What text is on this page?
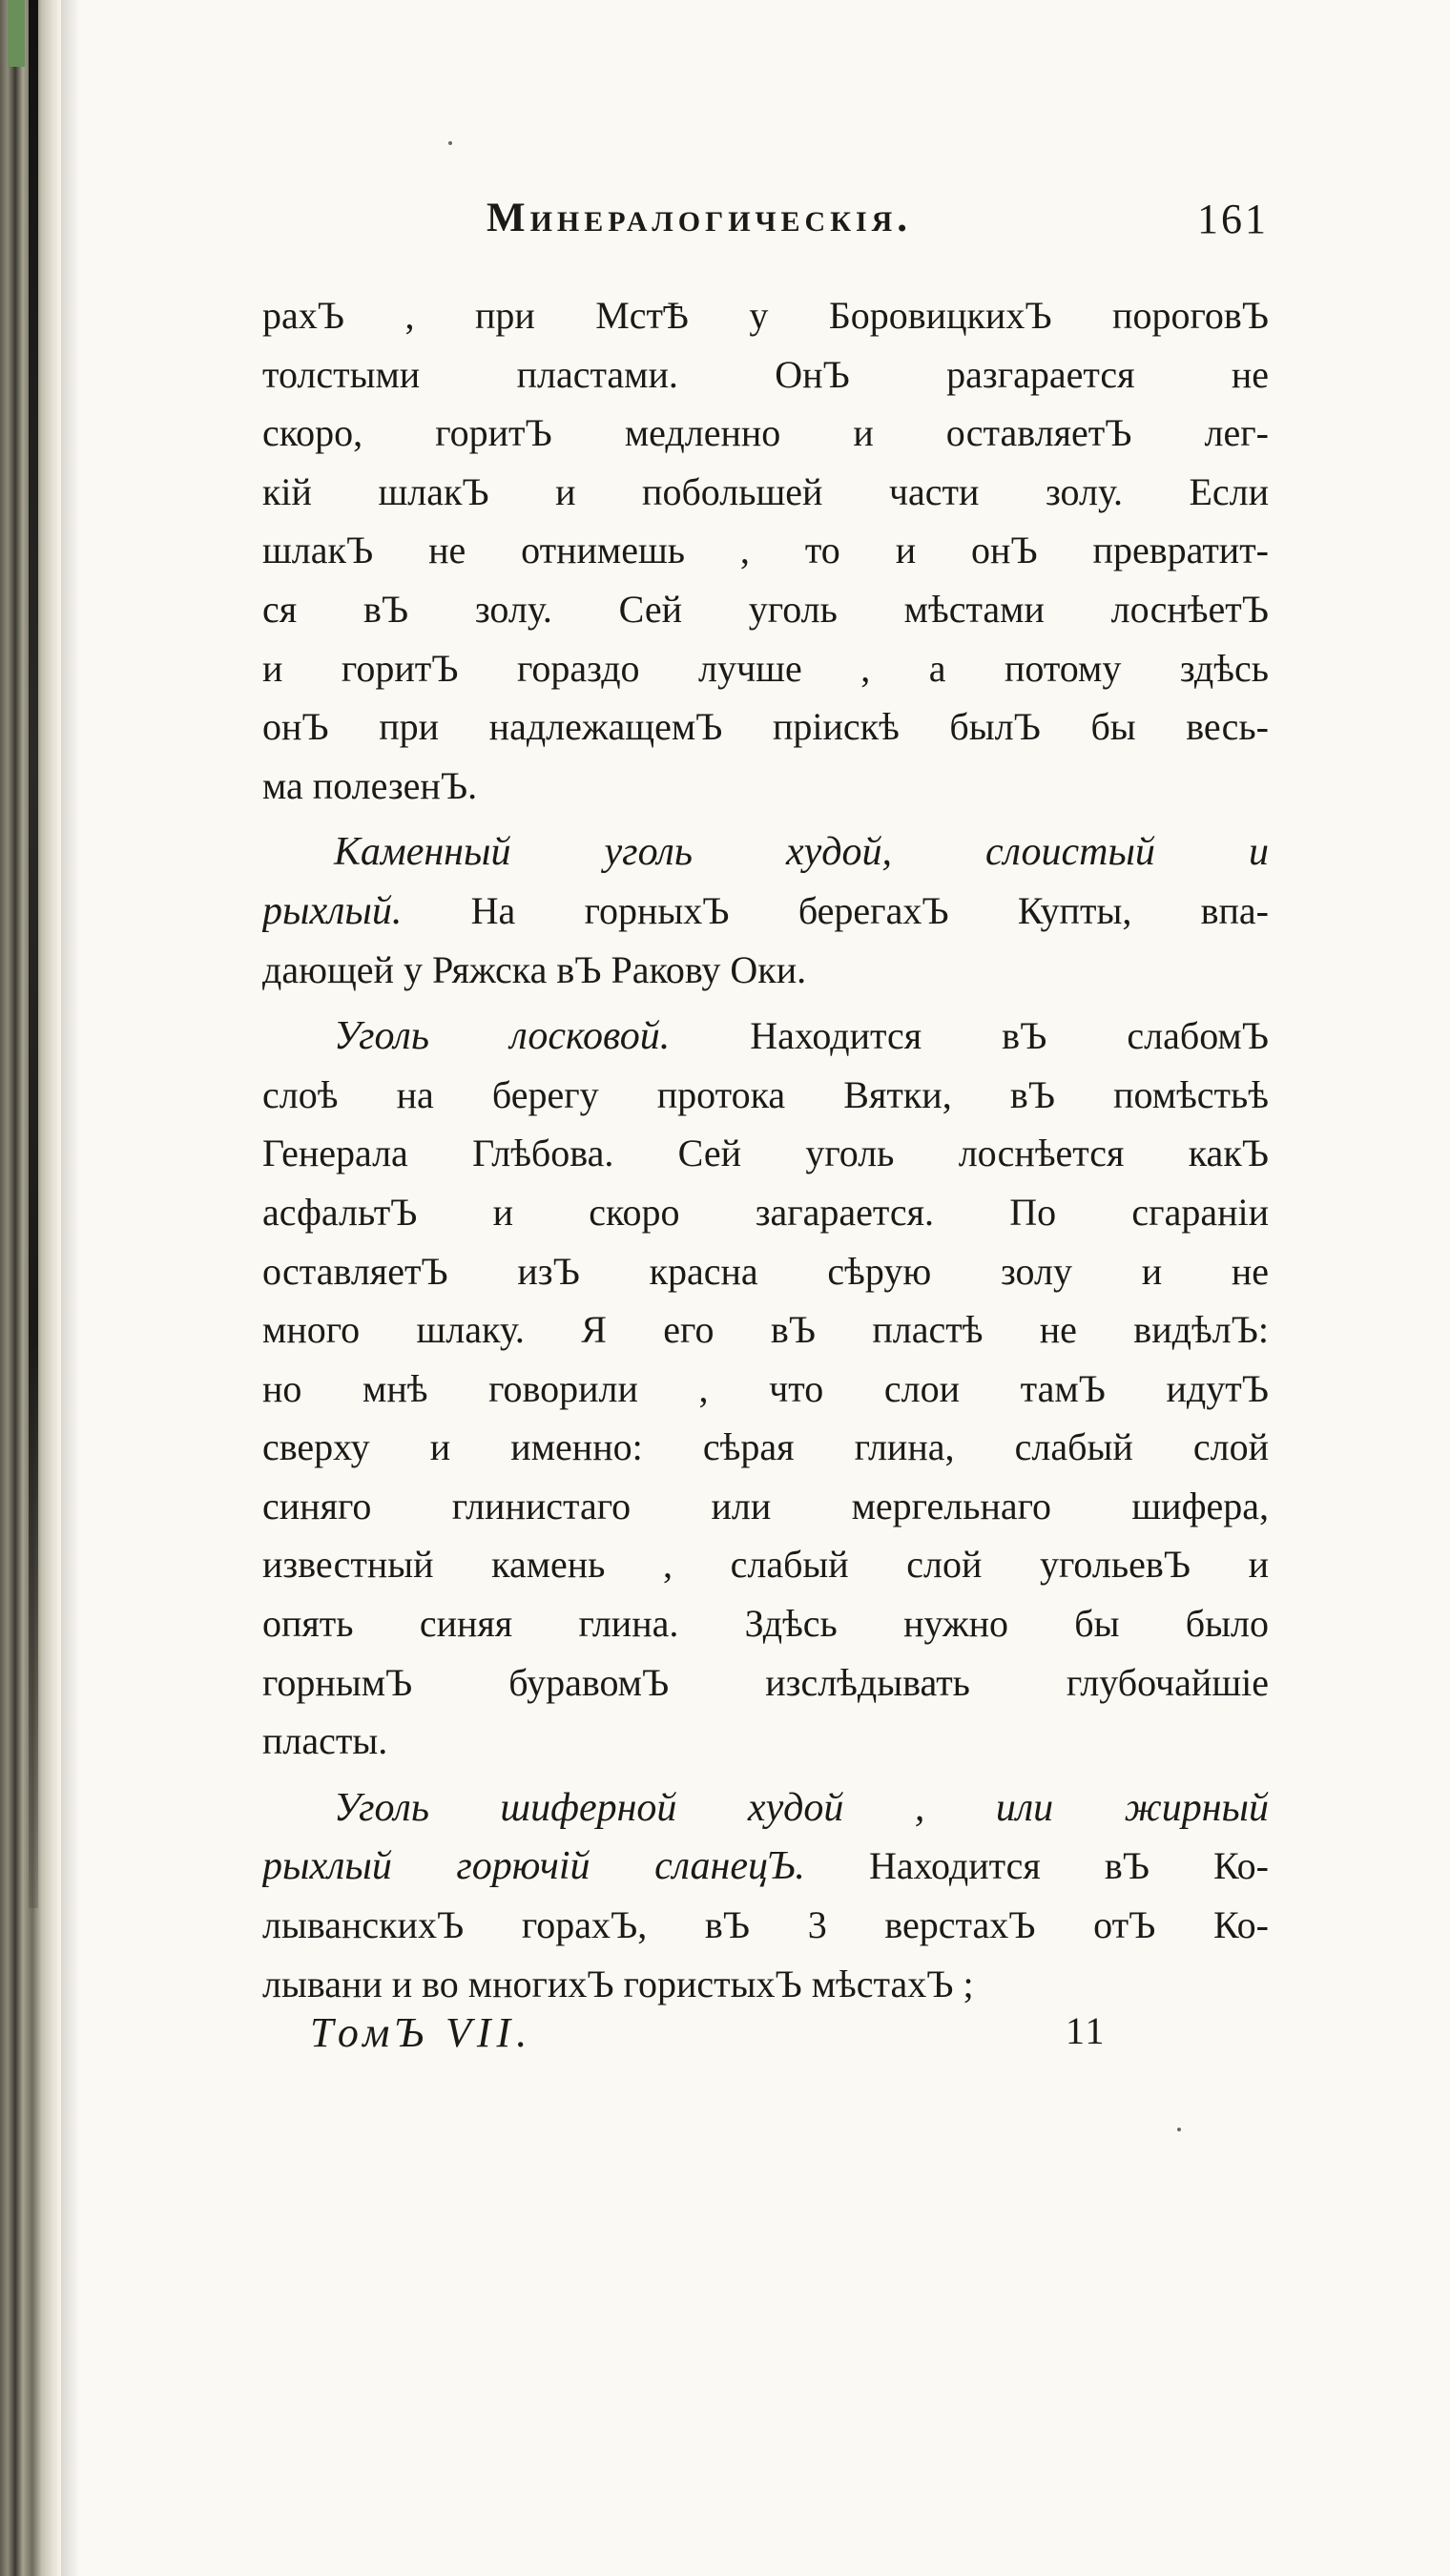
Минералогическія.	161
рахЪ , при МстѢ у БоровицкихЪ пороговЪ
толстыми пластами. ОнЪ разгарается не
скоро, горитЪ медленно и оставляетЪ лег-
кій шлакЪ и побольшей части золу. Если
шлакЪ не отнимешь , то и онЪ превратит-
ся вЪ золу. Сей уголь мѣстами лоснѣетЪ
и горитЪ гораздо лучше , а потому здѣсь
онЪ при надлежащемЪ пріискѣ былЪ бы весь-
ма полезенЪ.
Каменный уголь худой, слоистый и
рыхлый. На горныхЪ берегахЪ Купты, впа-
дающей у Ряжска вЪ Ракову Оки.
Уголь лосковой. Находится вЪ слабомЪ
слоѣ на берегу протока Вятки, вЪ помѣстьѣ
Генерала Глѣбова. Сей уголь лоснѣется какЪ
асфальтЪ и скоро загарается. По сгараніи
оставляетЪ изЪ красна сѣрую золу и не
много шлаку. Я его вЪ пластѣ не видѣлЪ:
но мнѣ говорили , что слои тамЪ идутЪ
сверху и именно: сѣрая глина, слабый слой
синяго глинистаго или мергельнаго шифера,
известный камень , слабый слой угольевЪ и
опять синяя глина. Здѣсь нужно бы было
горнымЪ буравомЪ изслѣдывать глубочайшіе
пласты.
Уголь шиферной худой , или жирный
рыхлый горючій сланецЪ. Находится вЪ Ко-
лыванскихЪ горахЪ, вЪ 3 верстахЪ отЪ Ко-
лывани и во многихЪ гористыхЪ мѣстахЪ ;
ТомЪ VII.	11
